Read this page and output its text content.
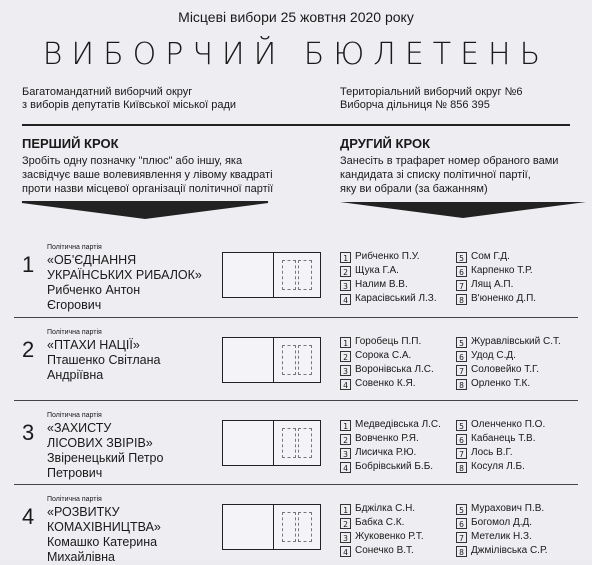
Місцеві вибори 25 жовтня 2020 року
ВИБОРЧИЙ БЮЛЕТЕНЬ
Багатомандатний виборчий округ
з виборів депутатів Київської міської ради
Територіальний виборчий округ №6
Виборча дільниця № 856 395
ПЕРШИЙ КРОК
Зробіть одну позначку "плюс" або іншу, яка
засвідчує ваше волевиявлення у лівому квадраті
проти назви місцевої організації політичної партії
ДРУГИЙ КРОК
Занесіть в трафарет номер обраного вами
кандидата зі списку політичної партії,
яку ви обрали (за бажанням)
1
Політична партія
«ОБ'ЄДНАННЯ
УКРАЇНСЬКИХ РИБАЛОК»
Рибченко Антон
Єгорович
1 Рибченко П.У.
2 Щука Г.А.
3 Налим В.В.
4 Карасівський Л.З.
5 Сом Г.Д.
6 Карпенко Т.Р.
7 Лящ А.П.
8 В'юненко Д.П.
2
Політична партія
«ПТАХИ НАЦІЇ»
Пташенко Світлана
Андріївна
1 Горобець П.П.
2 Сорока С.А.
3 Воронівська Л.С.
4 Совенко К.Я.
5 Журавлівський С.Т.
6 Удод С.Д.
7 Соловейко Т.Г.
8 Орленко Т.К.
3
Політична партія
«ЗАХИСТУ
ЛІСОВИХ ЗВІРІВ»
Звіренецький Петро
Петрович
1 Медведівська Л.С.
2 Вовченко Р.Я.
3 Лисичка Р.Ю.
4 Бобрівський Б.Б.
5 Оленченко П.О.
6 Кабанець Т.В.
7 Лось В.Г.
8 Косуля Л.Б.
4
Політична партія
«РОЗВИТКУ
КОМАХІВНИЦТВА»
Комашко Катерина
Михайлівна
1 Бджілка С.Н.
2 Бабка С.К.
3 Жуковенко Р.Т.
4 Сонечко В.Т.
5 Мурахович П.В.
6 Богомол Д.Д.
7 Метелик Н.З.
8 Джмілівська С.Р.
